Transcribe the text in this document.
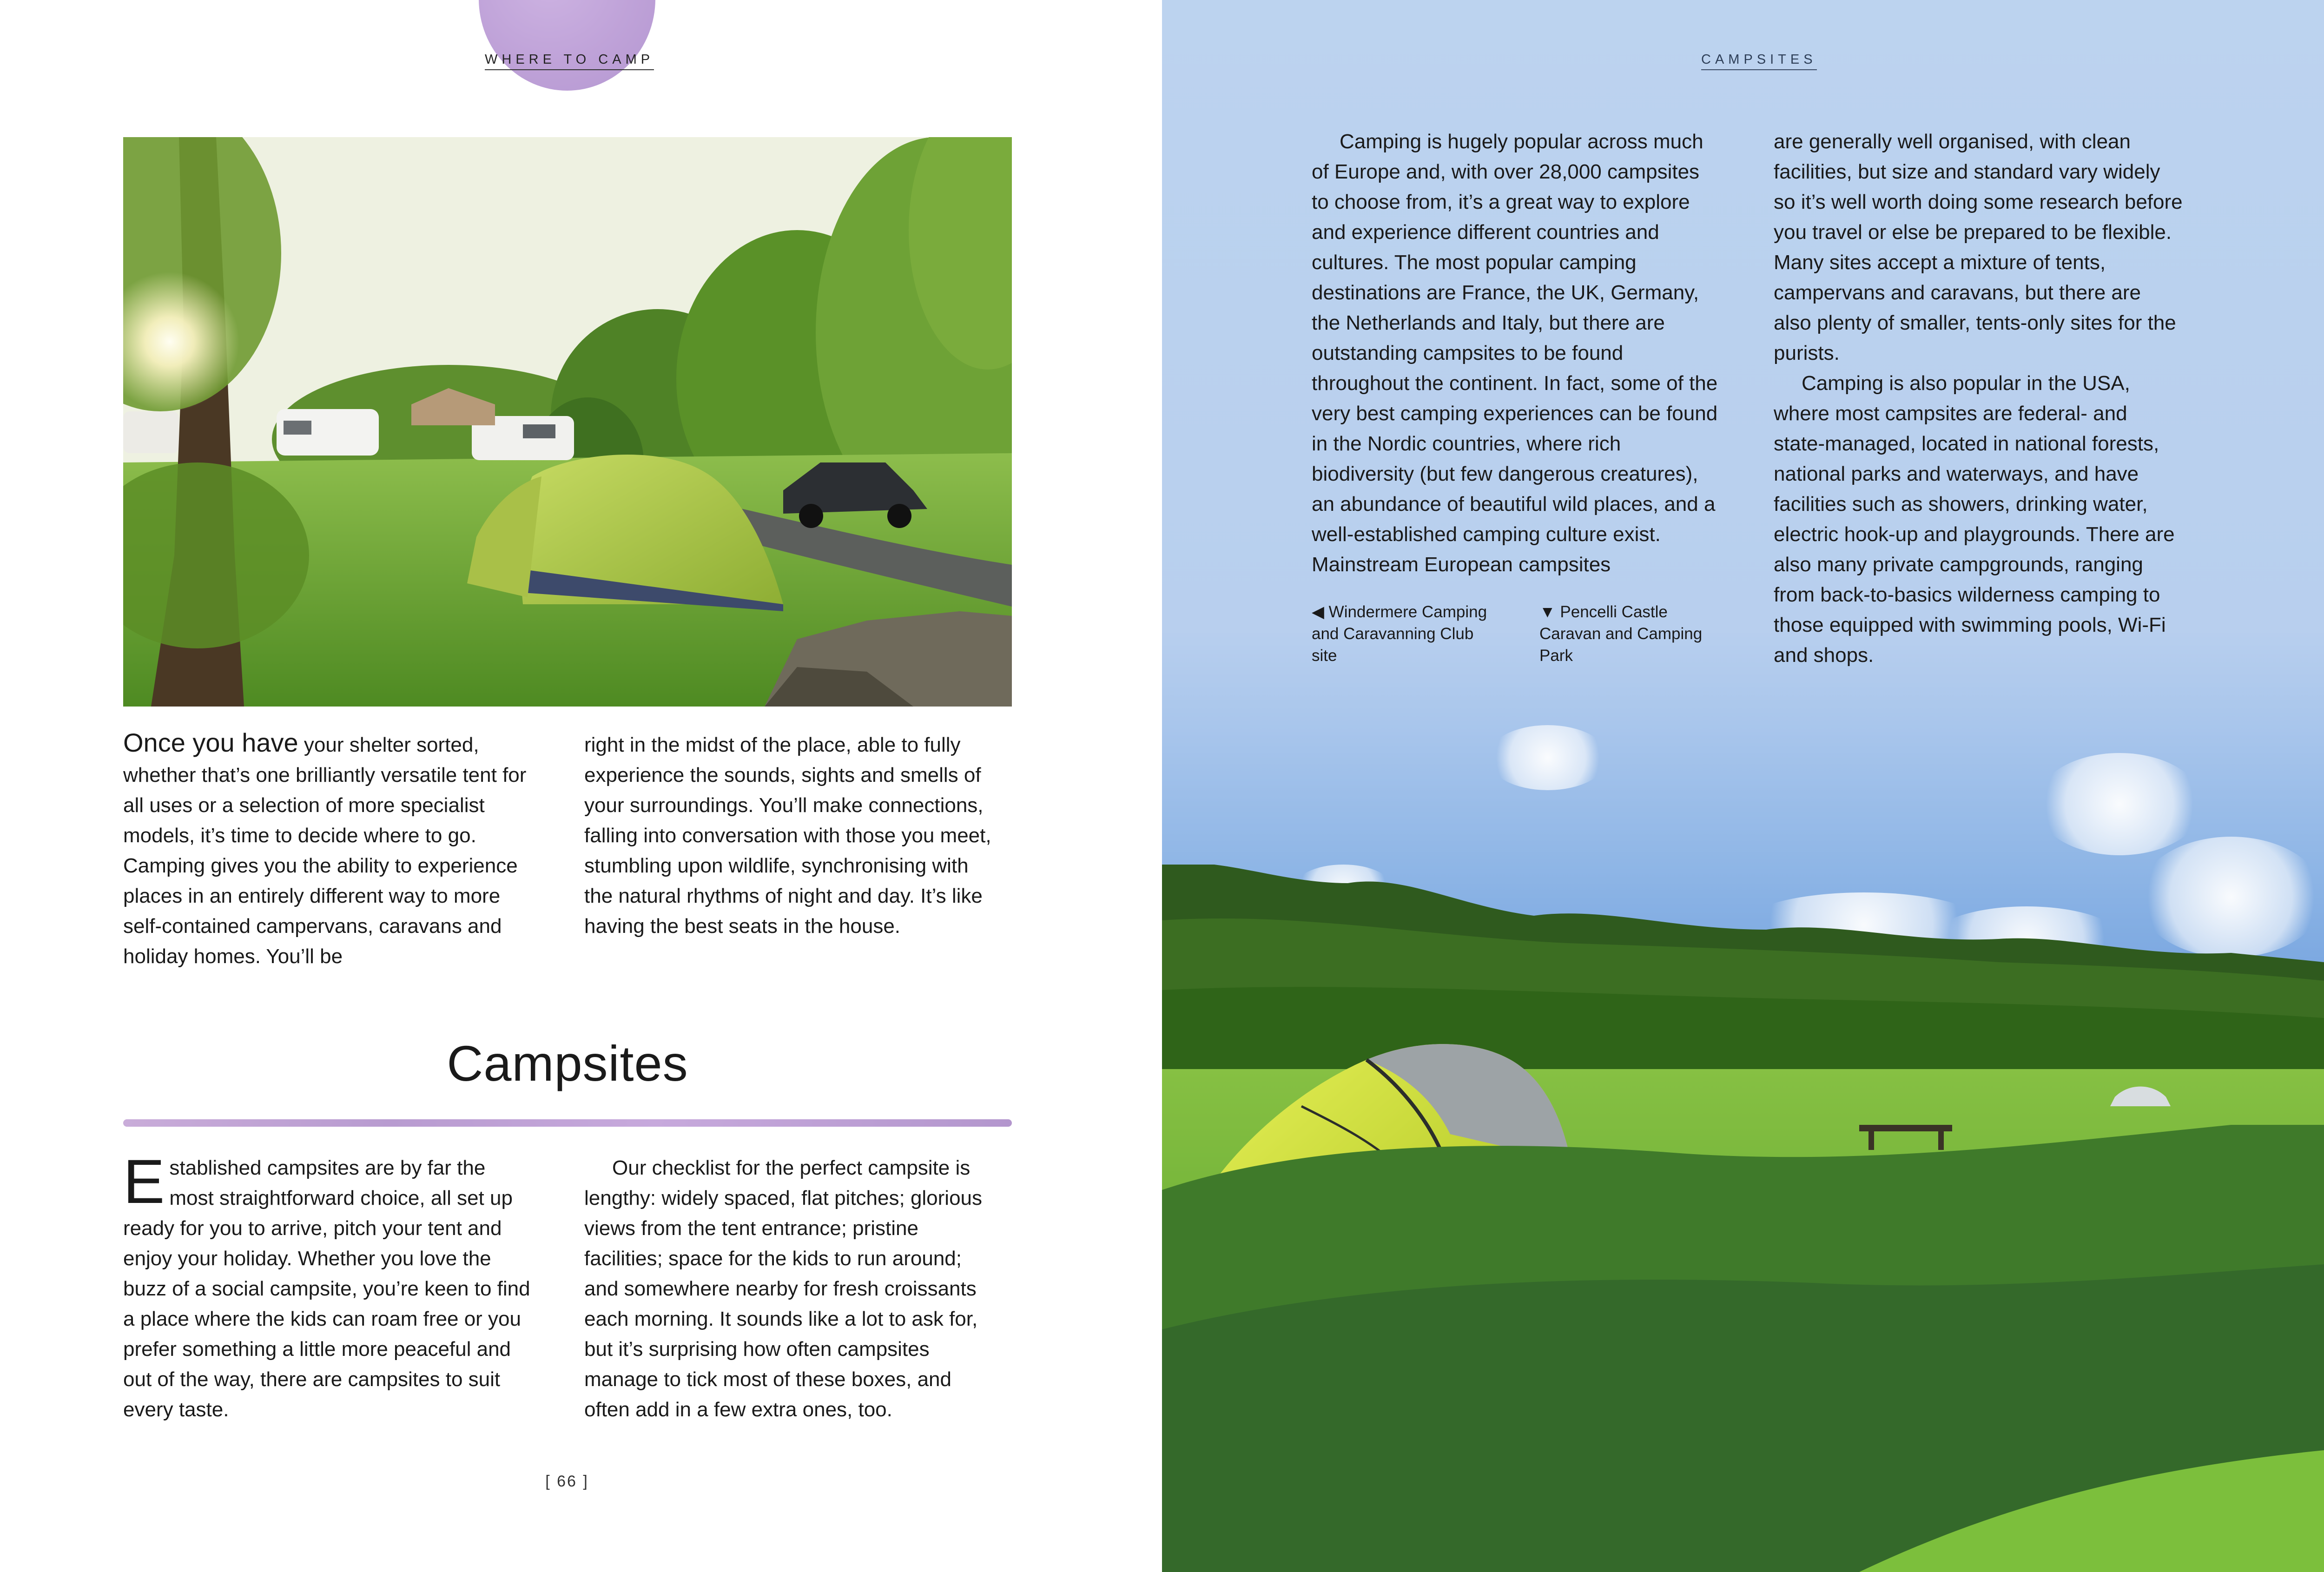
WHERE TO CAMP

Once you have your shelter sorted, whether that’s one brilliantly versatile tent for all uses or a selection of more specialist models, it’s time to decide where to go. Camping gives you the ability to experience places in an entirely different way to more self-contained campervans, caravans and holiday homes. You’ll be

right in the midst of the place, able to fully experience the sounds, sights and smells of your surroundings. You’ll make connections, falling into conversation with those you meet, stumbling upon wildlife, synchronising with the natural rhythms of night and day. It’s like having the best seats in the house.

Campsites

Established campsites are by far the most straightforward choice, all set up ready for you to arrive, pitch your tent and enjoy your holiday. Whether you love the buzz of a social campsite, you’re keen to find a place where the kids can roam free or you prefer something a little more peaceful and out of the way, there are campsites to suit every taste.

Our checklist for the perfect campsite is lengthy: widely spaced, flat pitches; glorious views from the tent entrance; pristine facilities; space for the kids to run around; and somewhere nearby for fresh croissants each morning. It sounds like a lot to ask for, but it’s surprising how often campsites manage to tick most of these boxes, and often add in a few extra ones, too.

[ 66 ]
CAMPSITES

Camping is hugely popular across much of Europe and, with over 28,000 campsites to choose from, it’s a great way to explore and experience different countries and cultures. The most popular camping destinations are France, the UK, Germany, the Netherlands and Italy, but there are outstanding campsites to be found throughout the continent. In fact, some of the very best camping experiences can be found in the Nordic countries, where rich biodiversity (but few dangerous creatures), an abundance of beautiful wild places, and a well-established camping culture exist. Mainstream European campsites

are generally well organised, with clean facilities, but size and standard vary widely so it’s well worth doing some research before you travel or else be prepared to be flexible. Many sites accept a mixture of tents, campervans and caravans, but there are also plenty of smaller, tents-only sites for the purists.

Camping is also popular in the USA, where most campsites are federal- and state-managed, located in national forests, national parks and waterways, and have facilities such as showers, drinking water, electric hook-up and playgrounds. There are also many private campgrounds, ranging from back-to-basics wilderness camping to those equipped with swimming pools, Wi-Fi and shops.

◀ Windermere Camping and Caravanning Club site
▼ Pencelli Castle Caravan and Camping Park
